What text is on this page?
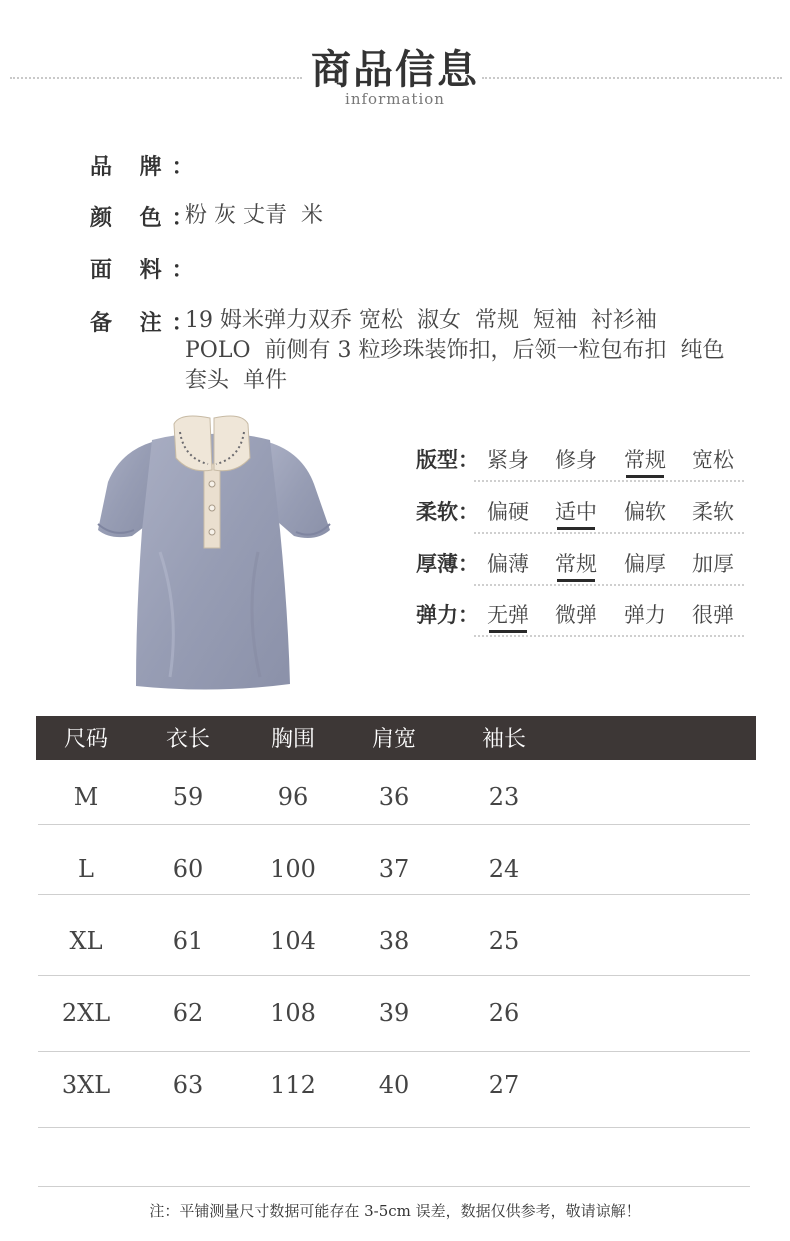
商品信息
information
品 牌：
颜 色：
粉 灰 丈青  米
面 料：
备 注：
19 姆米弹力双乔 宽松  淑女  常规  短袖  衬衫袖
POLO  前侧有 3 粒珍珠装饰扣，后领一粒包布扣  纯色
套头  单件
版型： 紧身	修身	常规	宽松
柔软： 偏硬	适中	偏软	柔软
厚薄： 偏薄	常规	偏厚	加厚
弹力： 无弹	微弹	弹力	很弹
尺码	衣长	胸围	肩宽	袖长
M	59	96	36	23
L	60	100	37	24
XL	61	104	38	25
2XL	62	108	39	26
3XL	63	112	40	27
注：平铺测量尺寸数据可能存在 3-5cm 误差，数据仅供参考，敬请谅解！
